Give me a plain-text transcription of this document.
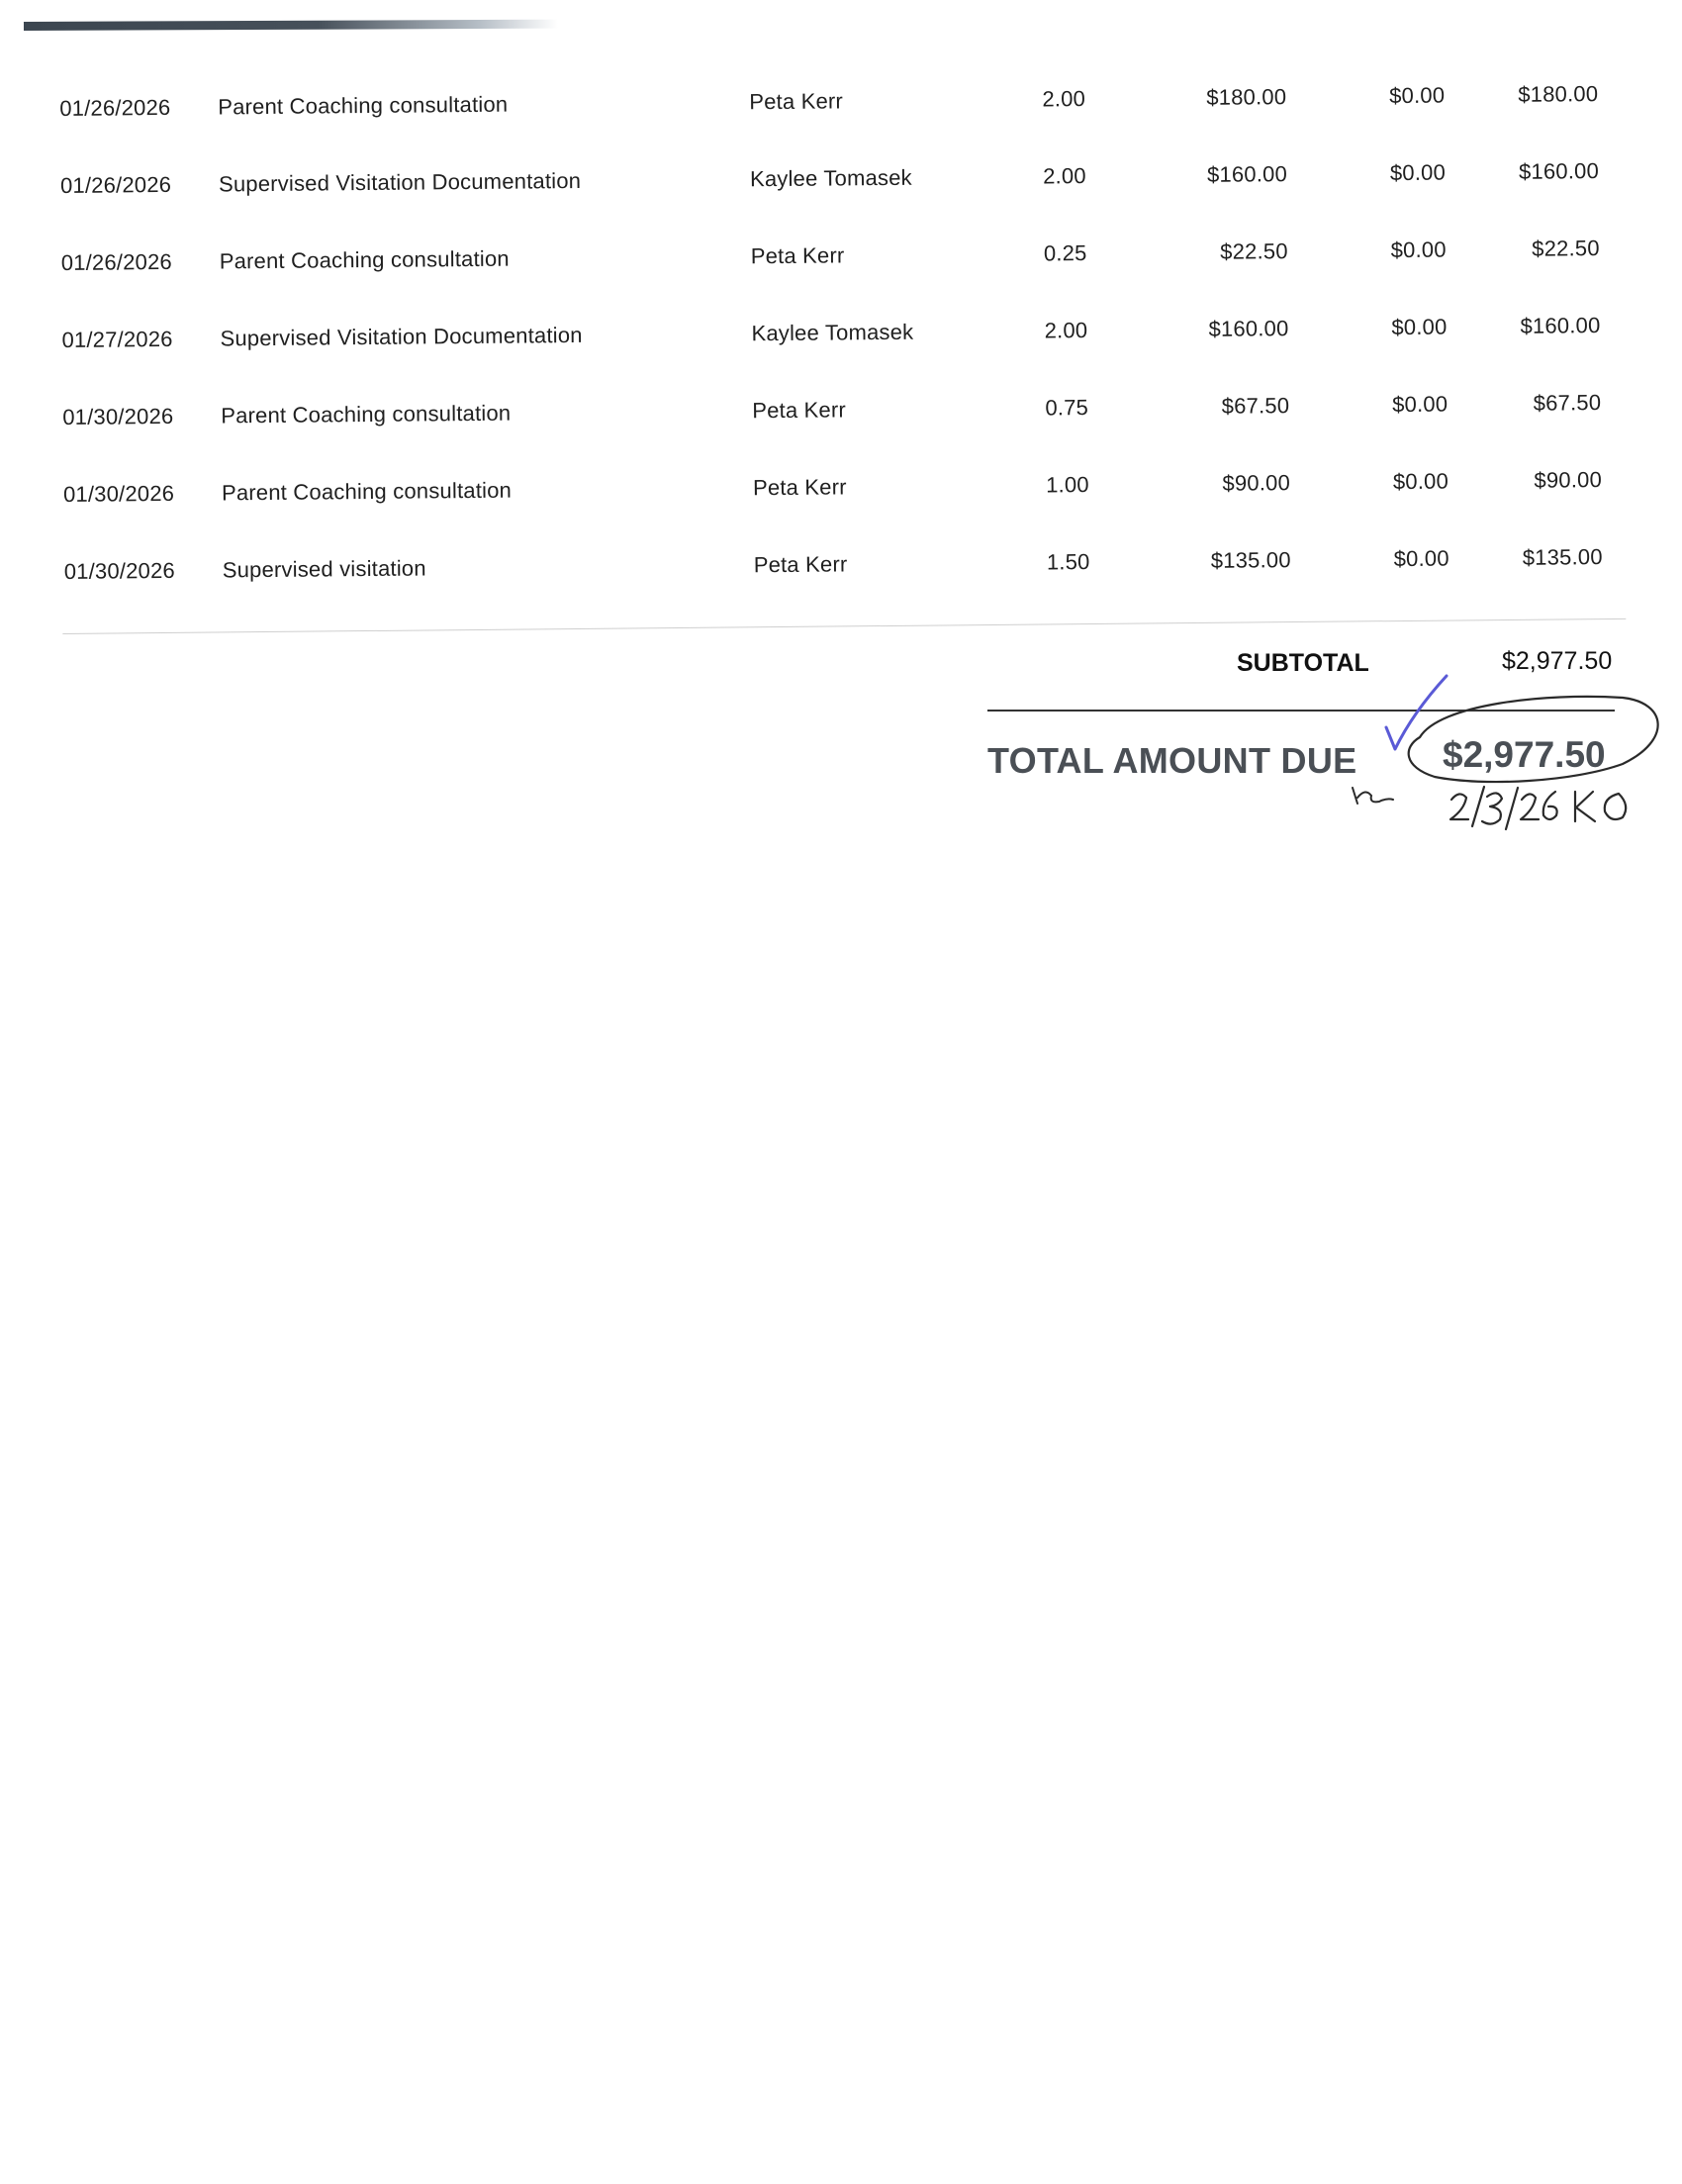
01/26/2026 Parent Coaching consultation	Peta Kerr	2.00	$180.00	$0.00	$180.00
01/26/2026 Supervised Visitation Documentation	Kaylee Tomasek	2.00	$160.00	$0.00	$160.00
01/26/2026 Parent Coaching consultation	Peta Kerr	0.25	$22.50	$0.00	$22.50
01/27/2026 Supervised Visitation Documentation	Kaylee Tomasek	2.00	$160.00	$0.00	$160.00
01/30/2026 Parent Coaching consultation	Peta Kerr	0.75	$67.50	$0.00	$67.50
01/30/2026 Parent Coaching consultation	Peta Kerr	1.00	$90.00	$0.00	$90.00
01/30/2026 Supervised visitation	Peta Kerr	1.50	$135.00	$0.00	$135.00
SUBTOTAL	$2,977.50
TOTAL AMOUNT DUE $2,977.50
